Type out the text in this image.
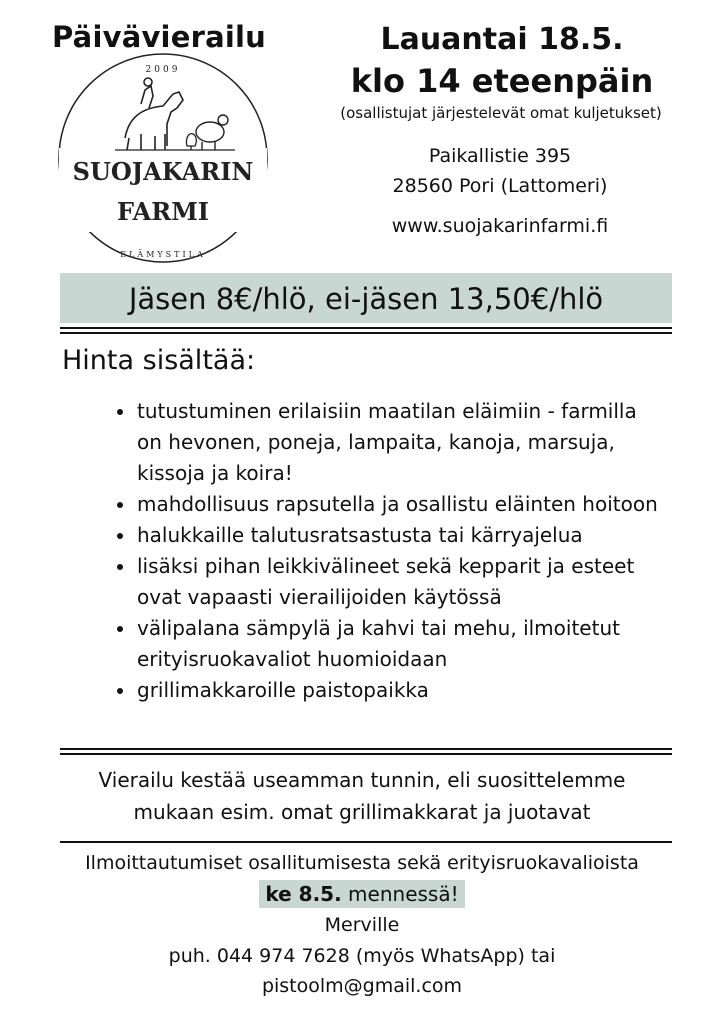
Päivävierailu
2009
SUOJAKARIN
FARMI
ELÄMYSTILA
Lauantai 18.5.
klo 14 eteenpäin
(osallistujat järjestelevät omat kuljetukset)
Paikallistie 395
28560 Pori (Lattomeri)
www.suojakarinfarmi.fi
Jäsen 8€/hlö, ei-jäsen 13,50€/hlö
Hinta sisältää:
tutustuminen erilaisiin maatilan eläimiin - farmilla on hevonen, poneja, lampaita, kanoja, marsuja, kissoja ja koira!
mahdollisuus rapsutella ja osallistu eläinten hoitoon
halukkaille talutusratsastusta tai kärryajelua
lisäksi pihan leikkivälineet sekä kepparit ja esteet ovat vapaasti vierailijoiden käytössä
välipalana sämpylä ja kahvi tai mehu, ilmoitetut erityisruokavaliot huomioidaan
grillimakkaroille paistopaikka
Vierailu kestää useamman tunnin, eli suosittelemme
mukaan esim. omat grillimakkarat ja juotavat
Ilmoittautumiset osallitumisesta sekä erityisruokavalioista
ke 8.5. mennessä!
Merville
puh. 044 974 7628 (myös WhatsApp) tai
pistoolm@gmail.com
